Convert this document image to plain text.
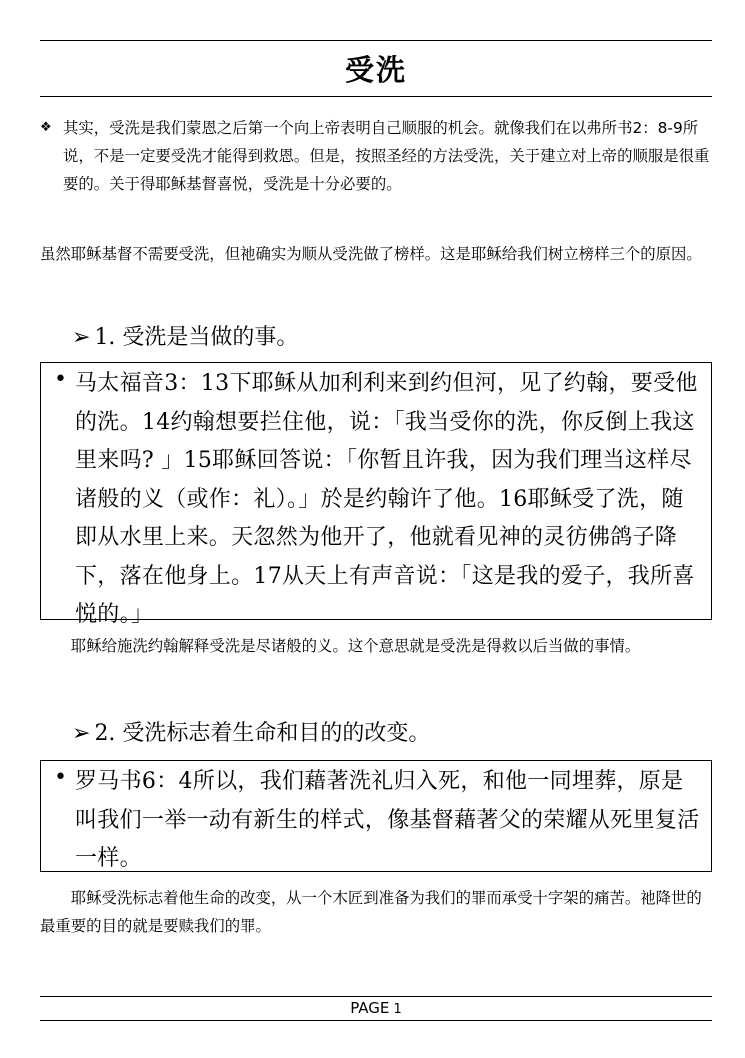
受洗
❖ 其实，受洗是我们蒙恩之后第一个向上帝表明自己顺服的机会。就像我们在以弗所书2：8-9所说，不是一定要受洗才能得到救恩。但是，按照圣经的方法受洗，关于建立对上帝的顺服是很重要的。关于得耶稣基督喜悦，受洗是十分必要的。
虽然耶稣基督不需要受洗，但祂确实为顺从受洗做了榜样。这是耶稣给我们树立榜样三个的原因。
➢ 1. 受洗是当做的事。
• 马太福音3：13下耶稣从加利利来到约但河，见了约翰，要受他的洗。14约翰想要拦住他，说：「我当受你的洗，你反倒上我这里来吗? 」15耶稣回答说：「你暂且许我，因为我们理当这样尽诸般的义（或作：礼）。」於是约翰许了他。16耶稣受了洗，随即从水里上来。天忽然为他开了，他就看见神的灵彷佛鸽子降下，落在他身上。17从天上有声音说：「这是我的爱子，我所喜悦的。」
耶稣给施洗约翰解释受洗是尽诸般的义。这个意思就是受洗是得救以后当做的事情。
➢ 2. 受洗标志着生命和目的的改变。
• 罗马书6：4所以，我们藉著洗礼归入死，和他一同埋葬，原是叫我们一举一动有新生的样式，像基督藉著父的荣耀从死里复活一样。
耶稣受洗标志着他生命的改变，从一个木匠到准备为我们的罪而承受十字架的痛苦。祂降世的最重要的目的就是要赎我们的罪。
PAGE 1
